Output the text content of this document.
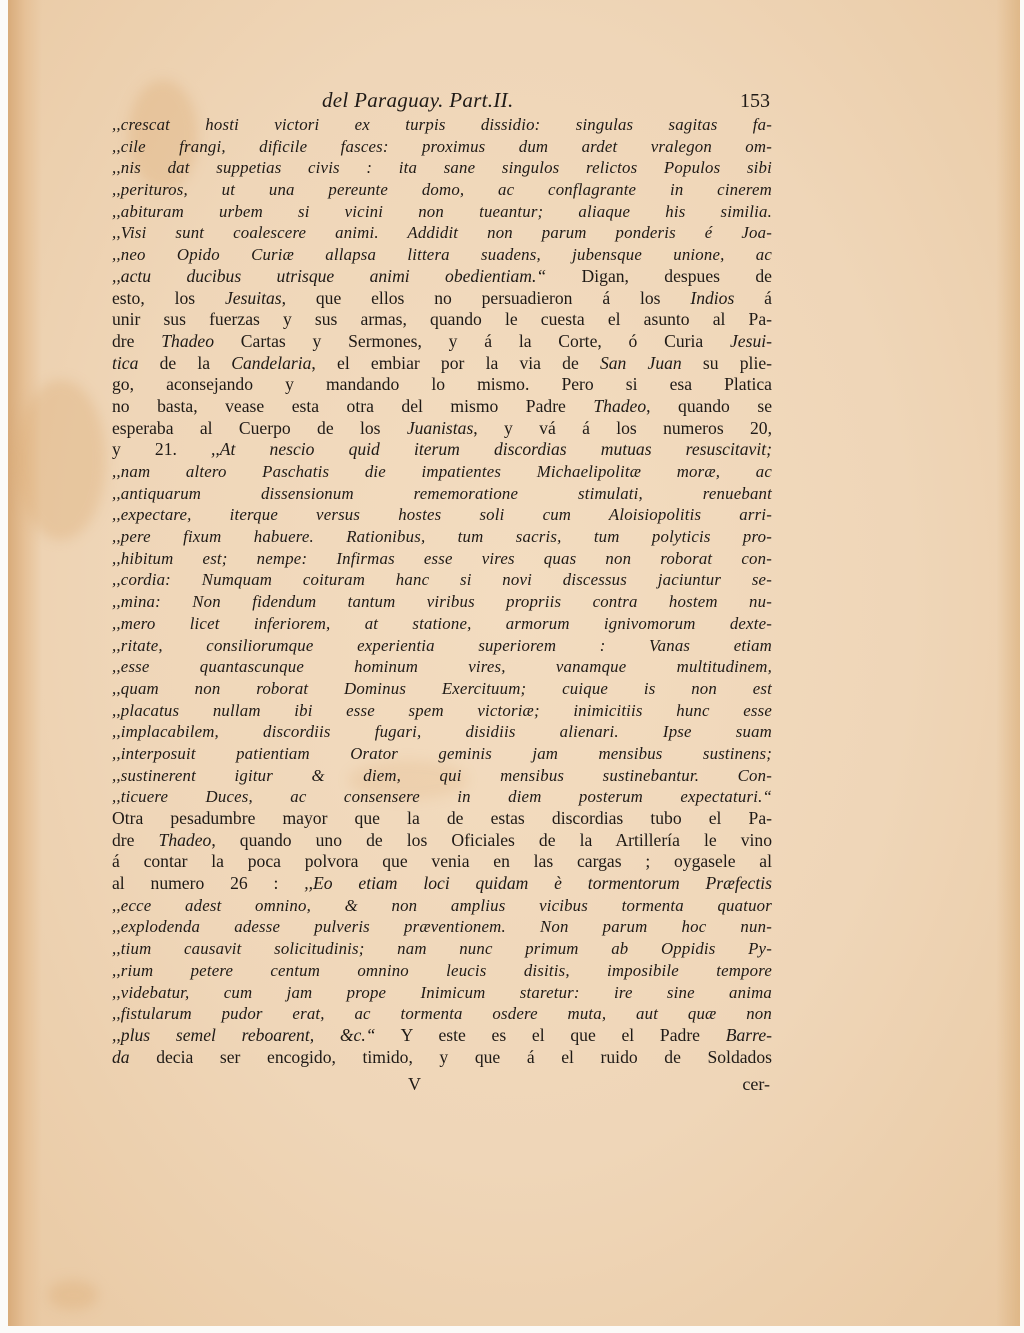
del Paraguay. Part.II.	153
,,crescat hosti victori ex turpis dissidio: singulas sagitas fa-
,,cile frangi, dificile fasces: proximus dum ardet vralegon om-
,,nis dat suppetias civis : ita sane singulos relictos Populos sibi
,,perituros, ut una pereunte domo, ac conflagrante in cinerem
,,abituram urbem si vicini non tueantur; aliaque his similia.
,,Visi sunt coalescere animi. Addidit non parum ponderis é Joa-
,,neo Opido Curiæ allapsa littera suadens, jubensque unione, ac
,,actu ducibus utrisque animi obedientiam.“ Digan, despues de
esto, los Jesuitas, que ellos no persuadieron á los Indios á
unir sus fuerzas y sus armas, quando le cuesta el asunto al Pa-
dre Thadeo Cartas y Sermones, y á la Corte, ó Curia Jesui-
tica de la Candelaria, el embiar por la via de San Juan su plie-
go, aconsejando y mandando lo mismo. Pero si esa Platica
no basta, vease esta otra del mismo Padre Thadeo, quando se
esperaba al Cuerpo de los Juanistas, y vá á los numeros 20,
y 21. ,,At nescio quid iterum discordias mutuas resuscitavit;
,,nam altero Paschatis die impatientes Michaelipolitæ moræ, ac
,,antiquarum dissensionum rememoratione stimulati, renuebant
,,expectare, iterque versus hostes soli cum Aloisiopolitis arri-
,,pere fixum habuere. Rationibus, tum sacris, tum polyticis pro-
,,hibitum est; nempe: Infirmas esse vires quas non roborat con-
,,cordia: Numquam coituram hanc si novi discessus jaciuntur se-
,,mina: Non fidendum tantum viribus propriis contra hostem nu-
,,mero licet inferiorem, at statione, armorum ignivomorum dexte-
,,ritate, consiliorumque experientia superiorem : Vanas etiam
,,esse quantascunque hominum vires, vanamque multitudinem,
,,quam non roborat Dominus Exercituum; cuique is non est
,,placatus nullam ibi esse spem victoriæ; inimicitiis hunc esse
,,implacabilem, discordiis fugari, disidiis alienari. Ipse suam
,,interposuit patientiam Orator geminis jam mensibus sustinens;
,,sustinerent igitur & diem, qui mensibus sustinebantur. Con-
,,ticuere Duces, ac consensere in diem posterum expectaturi.“
Otra pesadumbre mayor que la de estas discordias tubo el Pa-
dre Thadeo, quando uno de los Oficiales de la Artillería le vino
á contar la poca polvora que venia en las cargas ; oygasele al
al numero 26 : ,,Eo etiam loci quidam è tormentorum Præfectis
,,ecce adest omnino, & non amplius vicibus tormenta quatuor
,,explodenda adesse pulveris præventionem. Non parum hoc nun-
,,tium causavit solicitudinis; nam nunc primum ab Oppidis Py-
,,rium petere centum omnino leucis disitis, imposibile tempore
,,videbatur, cum jam prope Inimicum staretur: ire sine anima
,,fistularum pudor erat, ac tormenta osdere muta, aut quæ non
,,plus semel reboarent, &c.“ Y este es el que el Padre Barre-
da decia ser encogido, timido, y que á el ruido de Soldados
V	cer-
